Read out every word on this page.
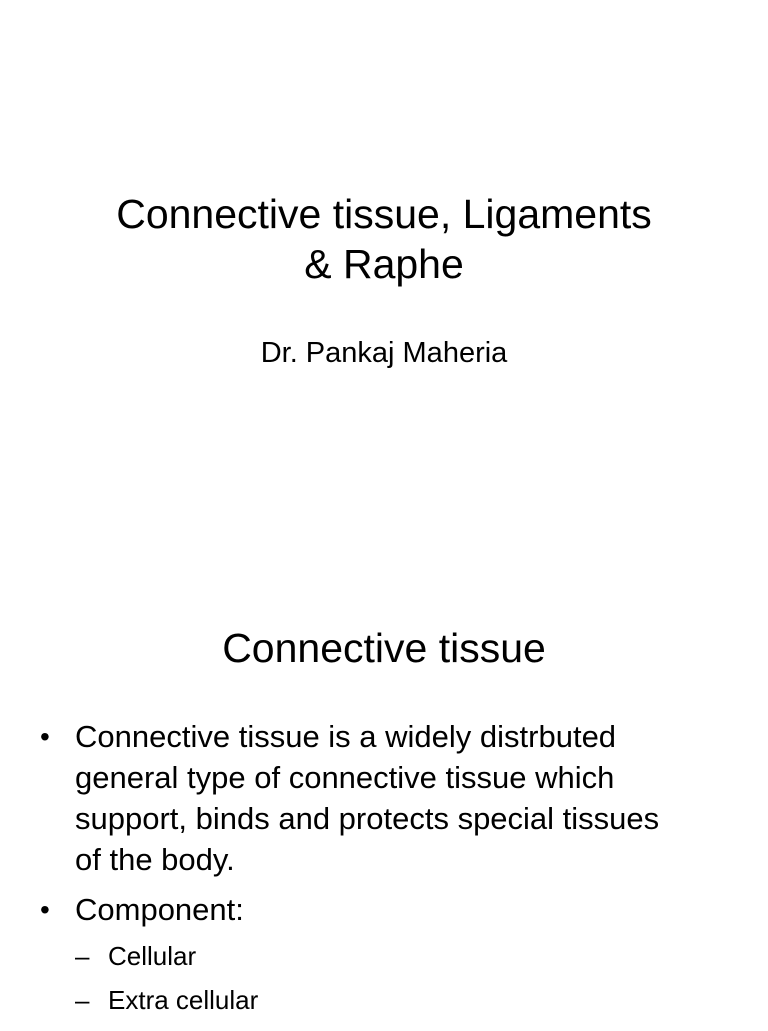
Connective tissue, Ligaments
& Raphe

Dr. Pankaj Maheria

Connective tissue
• Connective tissue is a widely distrbuted
general type of connective tissue which
support, binds and protects special tissues
of the body.
• Component:
– Cellular
– Extra cellular
